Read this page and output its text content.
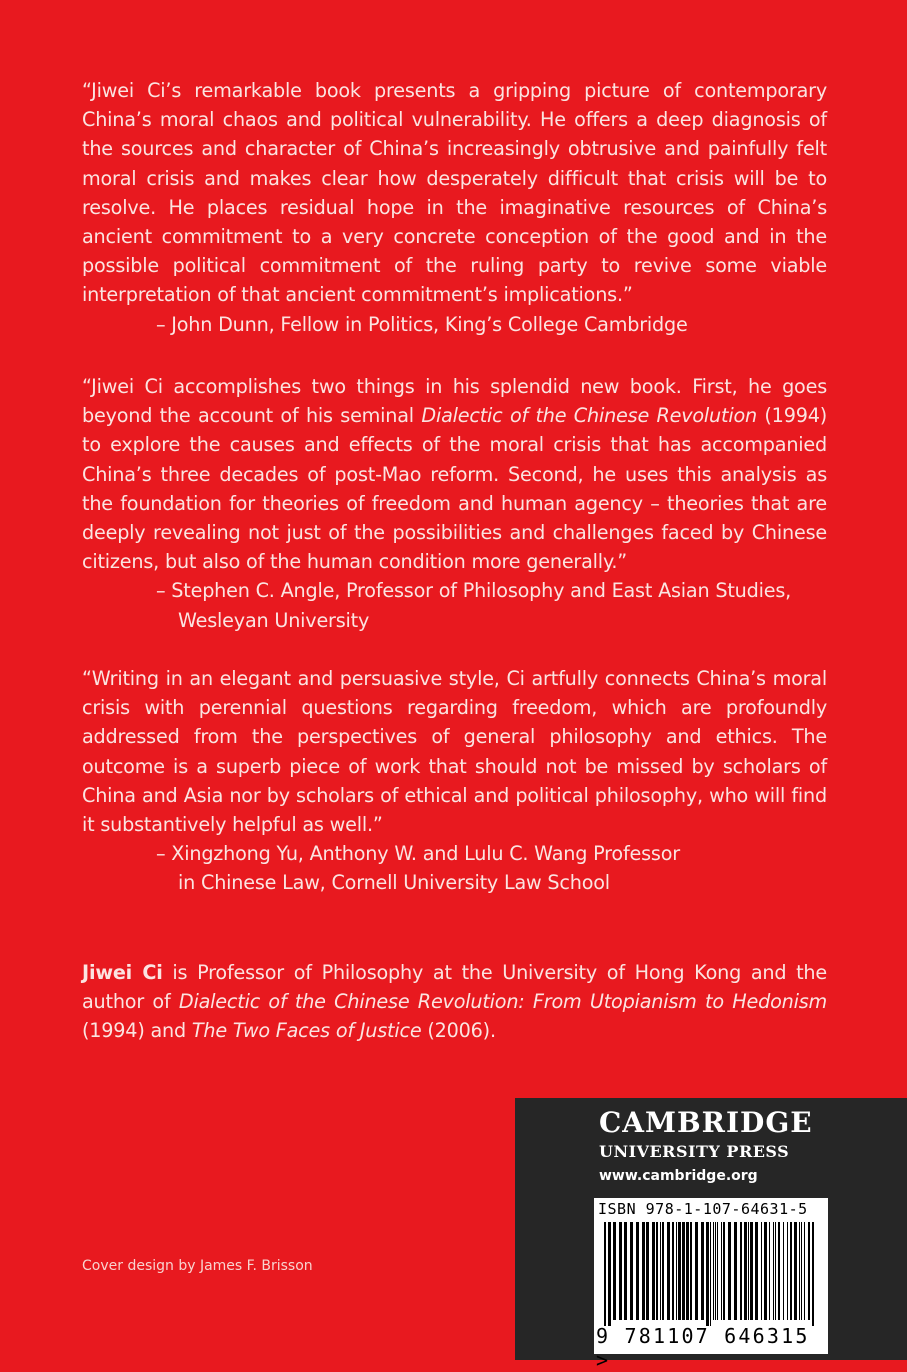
“Jiwei Ci’s remarkable book presents a gripping picture of contemporary China’s moral chaos and political vulnerability. He offers a deep diagnosis of the sources and character of China’s increasingly obtrusive and painfully felt moral crisis and makes clear how desperately difficult that crisis will be to resolve. He places residual hope in the imaginative resources of China’s ancient commitment to a very concrete conception of the good and in the possible political commitment of the ruling party to revive some viable interpretation of that ancient commitment’s implications.”

– John Dunn, Fellow in Politics, King’s College Cambridge

“Jiwei Ci accomplishes two things in his splendid new book. First, he goes beyond the account of his seminal Dialectic of the Chinese Revolution (1994) to explore the causes and effects of the moral crisis that has accompanied China’s three decades of post-Mao reform. Second, he uses this analysis as the foundation for theories of freedom and human agency – theories that are deeply revealing not just of the possibilities and challenges faced by Chinese citizens, but also of the human condition more generally.”

– Stephen C. Angle, Professor of Philosophy and East Asian Studies,
Wesleyan University

“Writing in an elegant and persuasive style, Ci artfully connects China’s moral crisis with perennial questions regarding freedom, which are profoundly addressed from the perspectives of general philosophy and ethics. The outcome is a superb piece of work that should not be missed by scholars of China and Asia nor by scholars of ethical and political philosophy, who will find it substantively helpful as well.”

– Xingzhong Yu, Anthony W. and Lulu C. Wang Professor
in Chinese Law, Cornell University Law School

Jiwei Ci is Professor of Philosophy at the University of Hong Kong and the author of Dialectic of the Chinese Revolution: From Utopianism to Hedonism (1994) and The Two Faces of Justice (2006).

Cover design by James F. Brisson

CAMBRIDGE

UNIVERSITY PRESS

www.cambridge.org

ISBN 978-1-107-64631-5

9 781107 646315 >
